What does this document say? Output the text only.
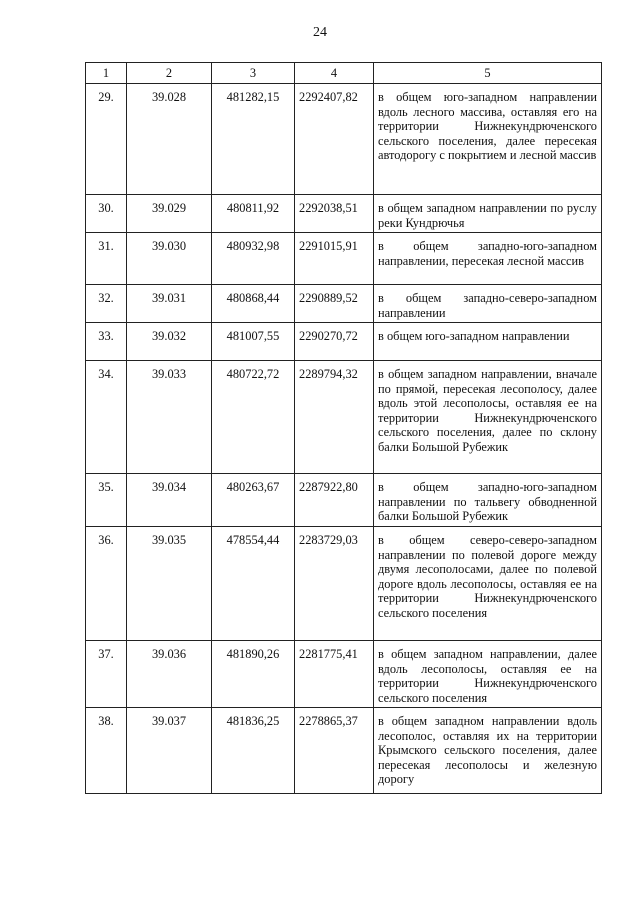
24
1	2	3	4	5
29.	39.028	481282,15	2292407,82	в общем юго-западном направлении вдоль лесного массива, оставляя его на территории Нижнекундрюченского сельского поселения, далее пересекая автодорогу с покрытием и лесной массив
30.	39.029	480811,92	2292038,51	в общем западном направлении по руслу реки Кундрючья
31.	39.030	480932,98	2291015,91	в общем западно-юго-западном направлении, пересекая лесной массив
32.	39.031	480868,44	2290889,52	в общем западно-северо-западном направлении
33.	39.032	481007,55	2290270,72	в общем юго-западном направлении
34.	39.033	480722,72	2289794,32	в общем западном направлении, вначале по прямой, пересекая лесополосу, далее вдоль этой лесополосы, оставляя ее на территории Нижнекундрюченского сельского поселения, далее по склону балки Большой Рубежик
35.	39.034	480263,67	2287922,80	в общем западно-юго-западном направлении по тальвегу обводненной балки Большой Рубежик
36.	39.035	478554,44	2283729,03	в общем северо-северо-западном направлении по полевой дороге между двумя лесополосами, далее по полевой дороге вдоль лесополосы, оставляя ее на территории Нижнекундрюченского сельского поселения
37.	39.036	481890,26	2281775,41	в общем западном направлении, далее вдоль лесополосы, оставляя ее на территории Нижнекундрюченского сельского поселения
38.	39.037	481836,25	2278865,37	в общем западном направлении вдоль лесополос, оставляя их на территории Крымского сельского поселения, далее пересекая лесополосы и железную дорогу
